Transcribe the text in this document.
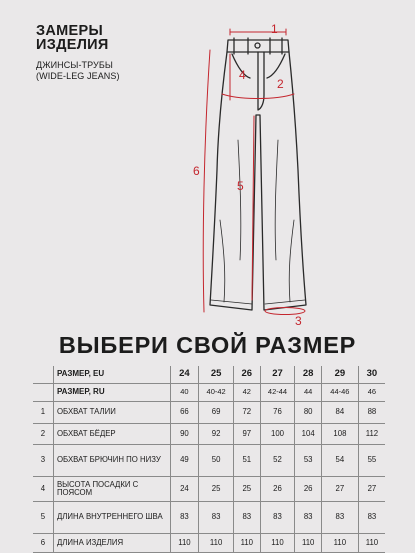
ЗАМЕРЫ
ИЗДЕЛИЯ

ДЖИНСЫ-ТРУБЫ
(WIDE-LEG JEANS)

1
4
2
6
5
3
ВЫБЕРИ СВОЙ РАЗМЕР
	РАЗМЕР, EU	24	25	26	27	28	29	30
	РАЗМЕР, RU	40	40-42	42	42-44	44	44-46	46
1	ОБХВАТ ТАЛИИ	66	69	72	76	80	84	88
2	ОБХВАТ БЁДЕР	90	92	97	100	104	108	112
3	ОБХВАТ БРЮЧИН ПО НИЗУ	49	50	51	52	53	54	55
4	ВЫСОТА ПОСАДКИ С ПОЯСОМ	24	25	25	26	26	27	27
5	ДЛИНА ВНУТРЕННЕГО ШВА	83	83	83	83	83	83	83
6	ДЛИНА ИЗДЕЛИЯ	110	110	110	110	110	110	110
